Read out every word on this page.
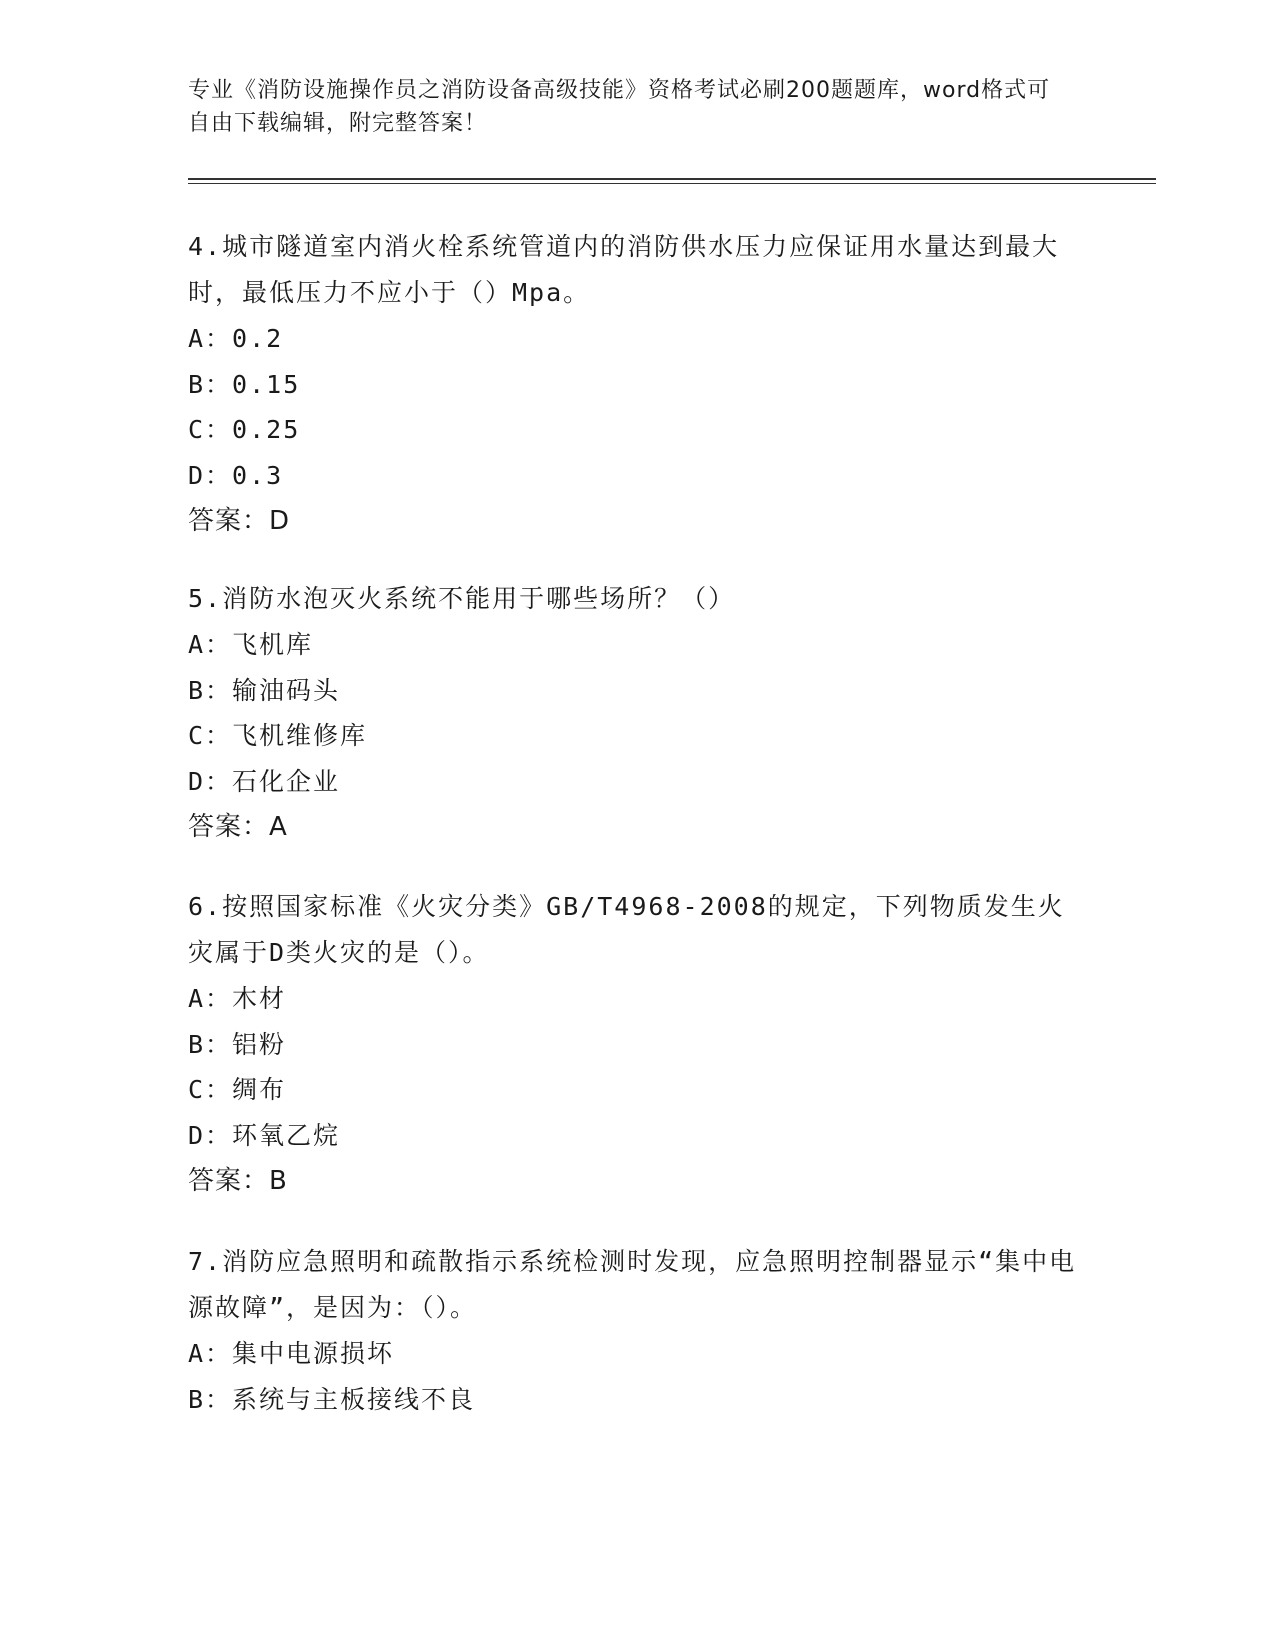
专业《消防设施操作员之消防设备高级技能》资格考试必刷200题题库，word格式可自由下载编辑，附完整答案！

4.城市隧道室内消火栓系统管道内的消防供水压力应保证用水量达到最大时，最低压力不应小于（）Mpa。

A：0.2

B：0.15

C：0.25

D：0.3

答案：D

5.消防水泡灭火系统不能用于哪些场所？（）

A：飞机库

B：输油码头

C：飞机维修库

D：石化企业

答案：A

6.按照国家标准《火灾分类》GB/T4968-2008的规定，下列物质发生火灾属于D类火灾的是（）。

A：木材

B：铝粉

C：绸布

D：环氧乙烷

答案：B

7.消防应急照明和疏散指示系统检测时发现，应急照明控制器显示“集中电源故障”，是因为：（）。

A：集中电源损坏

B：系统与主板接线不良
